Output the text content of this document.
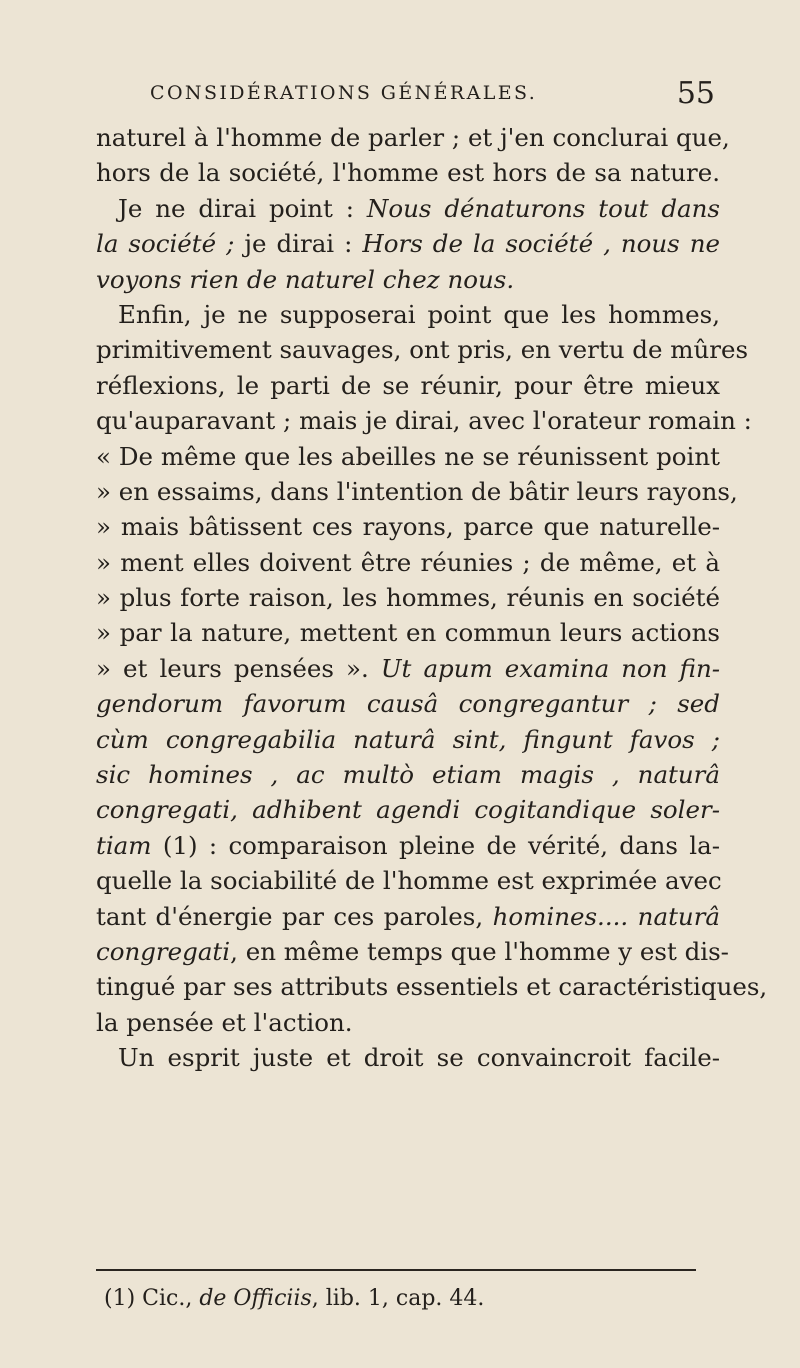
CONSIDÉRATIONS GÉNÉRALES.	55
naturel à l'homme de parler ; et j'en conclurai que,
hors de la société, l'homme est hors de sa nature.
Je ne dirai point : Nous dénaturons tout dans
la société ; je dirai : Hors de la société , nous ne
voyons rien de naturel chez nous.
Enfin, je ne supposerai point que les hommes,
primitivement sauvages, ont pris, en vertu de mûres
réflexions, le parti de se réunir, pour être mieux
qu'auparavant ; mais je dirai, avec l'orateur romain :
« De même que les abeilles ne se réunissent point
» en essaims, dans l'intention de bâtir leurs rayons,
» mais bâtissent ces rayons, parce que naturelle-
» ment elles doivent être réunies ; de même, et à
» plus forte raison, les hommes, réunis en société
» par la nature, mettent en commun leurs actions
» et leurs pensées ». Ut apum examina non fin-
gendorum favorum causâ congregantur ; sed
cùm congregabilia naturâ sint, fingunt favos ;
sic homines , ac multò etiam magis , naturâ
congregati, adhibent agendi cogitandique soler-
tiam (1) : comparaison pleine de vérité, dans la-
quelle la sociabilité de l'homme est exprimée avec
tant d'énergie par ces paroles, homines.... naturâ
congregati, en même temps que l'homme y est dis-
tingué par ses attributs essentiels et caractéristiques,
la pensée et l'action.
Un esprit juste et droit se convaincroit facile-
(1) Cic., de Officiis, lib. 1, cap. 44.
